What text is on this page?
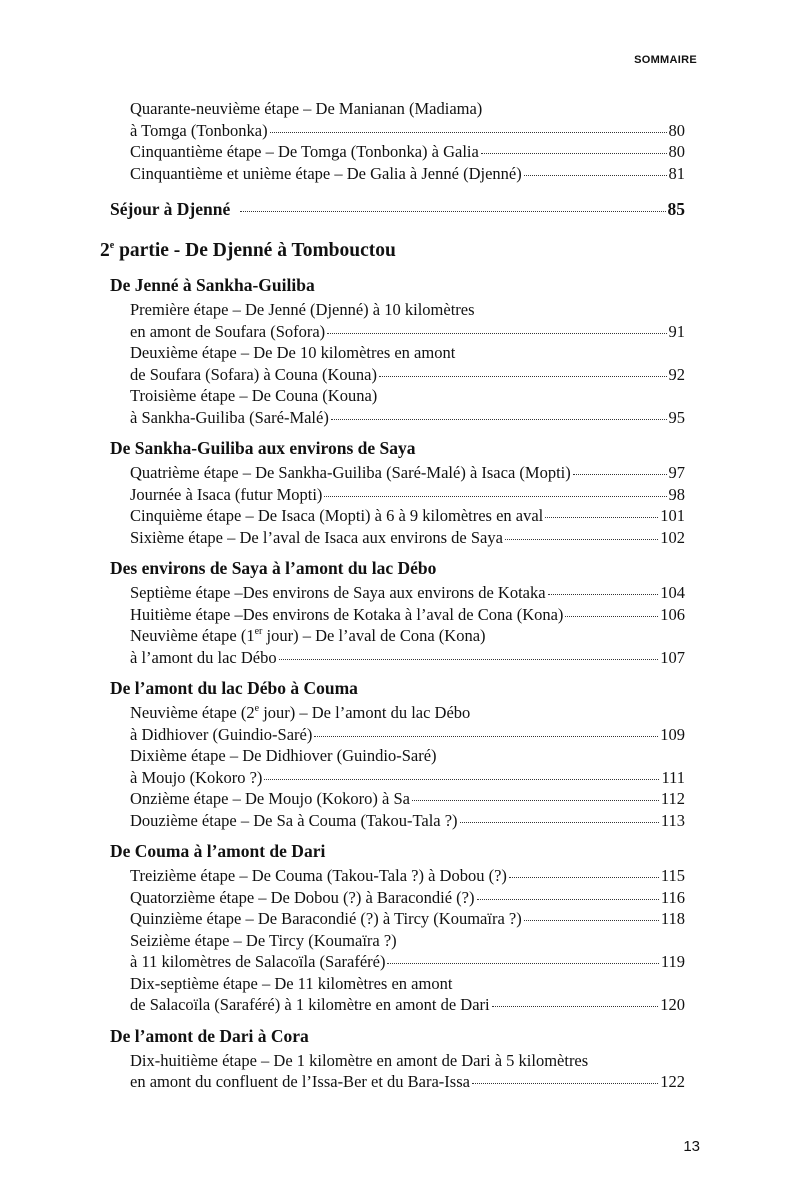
SOMMAIRE
Quarante-neuvième étape – De Manianan (Madiama)
à Tomga (Tonbonka)	80
Cinquantième étape – De Tomga (Tonbonka) à Galia	80
Cinquantième et unième étape – De Galia à Jenné (Djenné)	81
Séjour à Djenné	85
2e partie - De Djenné à Tombouctou
De Jenné à Sankha-Guiliba
Première étape – De Jenné (Djenné) à 10 kilomètres
en amont de Soufara (Sofora)	91
Deuxième étape – De De 10 kilomètres en amont
de Soufara (Sofara) à Couna (Kouna)	92
Troisième étape – De Couna (Kouna)
à Sankha-Guiliba (Saré-Malé)	95
De Sankha-Guiliba aux environs de Saya
Quatrième étape – De Sankha-Guiliba (Saré-Malé) à Isaca (Mopti)	97
Journée à Isaca (futur Mopti)	98
Cinquième étape – De Isaca (Mopti) à 6 à 9 kilomètres en aval	101
Sixième étape – De l’aval de Isaca aux environs de Saya	102
Des environs de Saya à l’amont du lac Débo
Septième étape –Des environs de Saya aux environs de Kotaka	104
Huitième étape –Des environs de Kotaka à l’aval de Cona (Kona)	106
Neuvième étape (1er jour) – De l’aval de Cona (Kona)
à l’amont du lac Débo	107
De l’amont du lac Débo à Couma
Neuvième étape (2e jour) – De l’amont du lac Débo
à Didhiover (Guindio-Saré)	109
Dixième étape – De Didhiover (Guindio-Saré)
à Moujo (Kokoro ?)	111
Onzième étape – De Moujo (Kokoro) à Sa	112
Douzième étape – De Sa à Couma (Takou-Tala ?)	113
De Couma à l’amont de Dari
Treizième étape – De Couma (Takou-Tala ?) à Dobou (?)	115
Quatorzième étape – De Dobou (?) à Baracondié (?)	116
Quinzième étape – De Baracondié (?) à Tircy (Koumaïra ?)	118
Seizième étape – De Tircy (Koumaïra ?)
à 11 kilomètres de Salacoïla (Saraféré)	119
Dix-septième étape – De 11 kilomètres en amont
de Salacoïla (Saraféré) à 1 kilomètre en amont de Dari	120
De l’amont de Dari à Cora
Dix-huitième étape – De 1 kilomètre en amont de Dari à 5 kilomètres
en amont du confluent de l’Issa-Ber et du Bara-Issa	122
13
